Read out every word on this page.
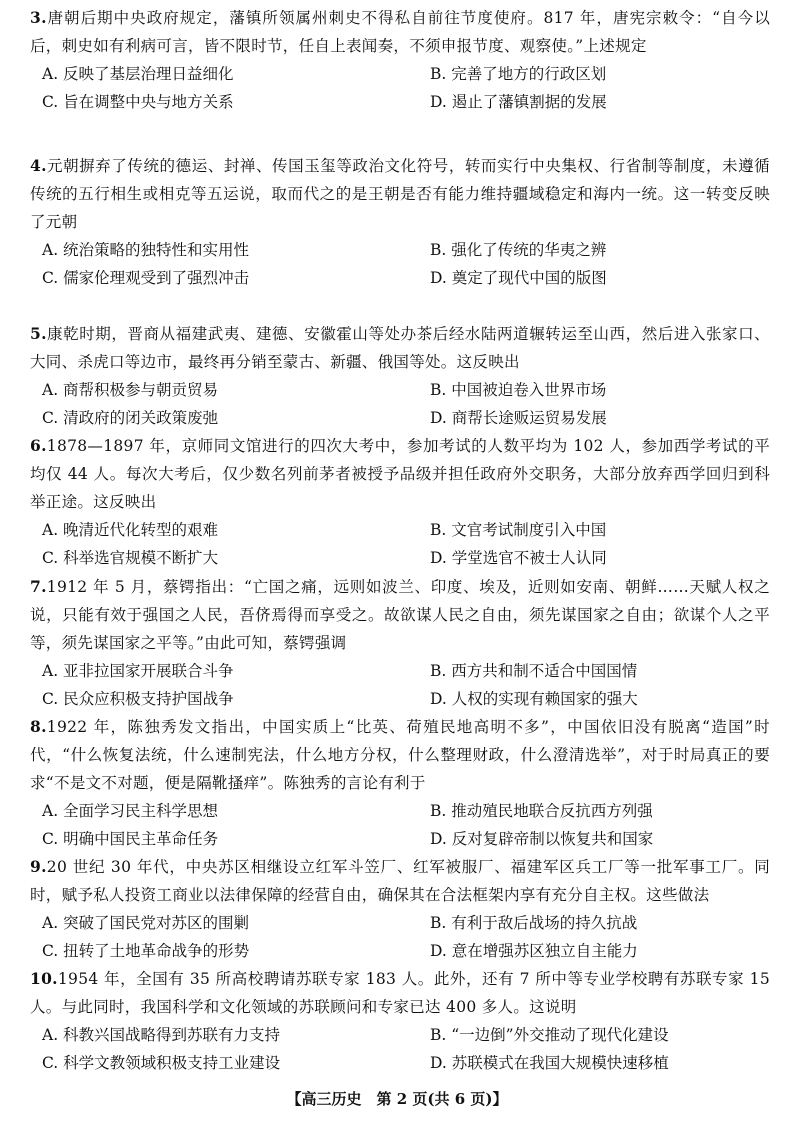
3.唐朝后期中央政府规定，藩镇所领属州刺史不得私自前往节度使府。817 年，唐宪宗敕令：“自今以后，刺史如有利病可言，皆不限时节，任自上表闻奏，不须申报节度、观察使。”上述规定

A. 反映了基层治理日益细化	B. 完善了地方的行政区划
C. 旨在调整中央与地方关系	D. 遏止了藩镇割据的发展

4.元朝摒弃了传统的德运、封禅、传国玉玺等政治文化符号，转而实行中央集权、行省制等制度，未遵循传统的五行相生或相克等五运说，取而代之的是王朝是否有能力维持疆域稳定和海内一统。这一转变反映了元朝

A. 统治策略的独特性和实用性	B. 强化了传统的华夷之辨
C. 儒家伦理观受到了强烈冲击	D. 奠定了现代中国的版图

5.康乾时期，晋商从福建武夷、建德、安徽霍山等处办茶后经水陆两道辗转运至山西，然后进入张家口、大同、杀虎口等边市，最终再分销至蒙古、新疆、俄国等处。这反映出

A. 商帮积极参与朝贡贸易	B. 中国被迫卷入世界市场
C. 清政府的闭关政策废弛	D. 商帮长途贩运贸易发展

6.1878—1897 年，京师同文馆进行的四次大考中，参加考试的人数平均为 102 人，参加西学考试的平均仅 44 人。每次大考后，仅少数名列前茅者被授予品级并担任政府外交职务，大部分放弃西学回归到科举正途。这反映出

A. 晚清近代化转型的艰难	B. 文官考试制度引入中国
C. 科举选官规模不断扩大	D. 学堂选官不被士人认同

7.1912 年 5 月，蔡锷指出：“亡国之痛，远则如波兰、印度、埃及，近则如安南、朝鲜……天赋人权之说，只能有效于强国之人民，吾侪焉得而享受之。故欲谋人民之自由，须先谋国家之自由；欲谋个人之平等，须先谋国家之平等。”由此可知，蔡锷强调

A. 亚非拉国家开展联合斗争	B. 西方共和制不适合中国国情
C. 民众应积极支持护国战争	D. 人权的实现有赖国家的强大

8.1922 年，陈独秀发文指出，中国实质上“比英、荷殖民地高明不多”，中国依旧没有脱离“造国”时代，“什么恢复法统，什么速制宪法，什么地方分权，什么整理财政，什么澄清选举”，对于时局真正的要求“不是文不对题，便是隔靴搔痒”。陈独秀的言论有利于

A. 全面学习民主科学思想	B. 推动殖民地联合反抗西方列强
C. 明确中国民主革命任务	D. 反对复辟帝制以恢复共和国家

9.20 世纪 30 年代，中央苏区相继设立红军斗笠厂、红军被服厂、福建军区兵工厂等一批军事工厂。同时，赋予私人投资工商业以法律保障的经营自由，确保其在合法框架内享有充分自主权。这些做法

A. 突破了国民党对苏区的围剿	B. 有利于敌后战场的持久抗战
C. 扭转了土地革命战争的形势	D. 意在增强苏区独立自主能力

10.1954 年，全国有 35 所高校聘请苏联专家 183 人。此外，还有 7 所中等专业学校聘有苏联专家 15 人。与此同时，我国科学和文化领域的苏联顾问和专家已达 400 多人。这说明

A. 科教兴国战略得到苏联有力支持	B. “一边倒”外交推动了现代化建设
C. 科学文教领域积极支持工业建设	D. 苏联模式在我国大规模快速移植
【高三历史　第 2 页(共 6 页)】
